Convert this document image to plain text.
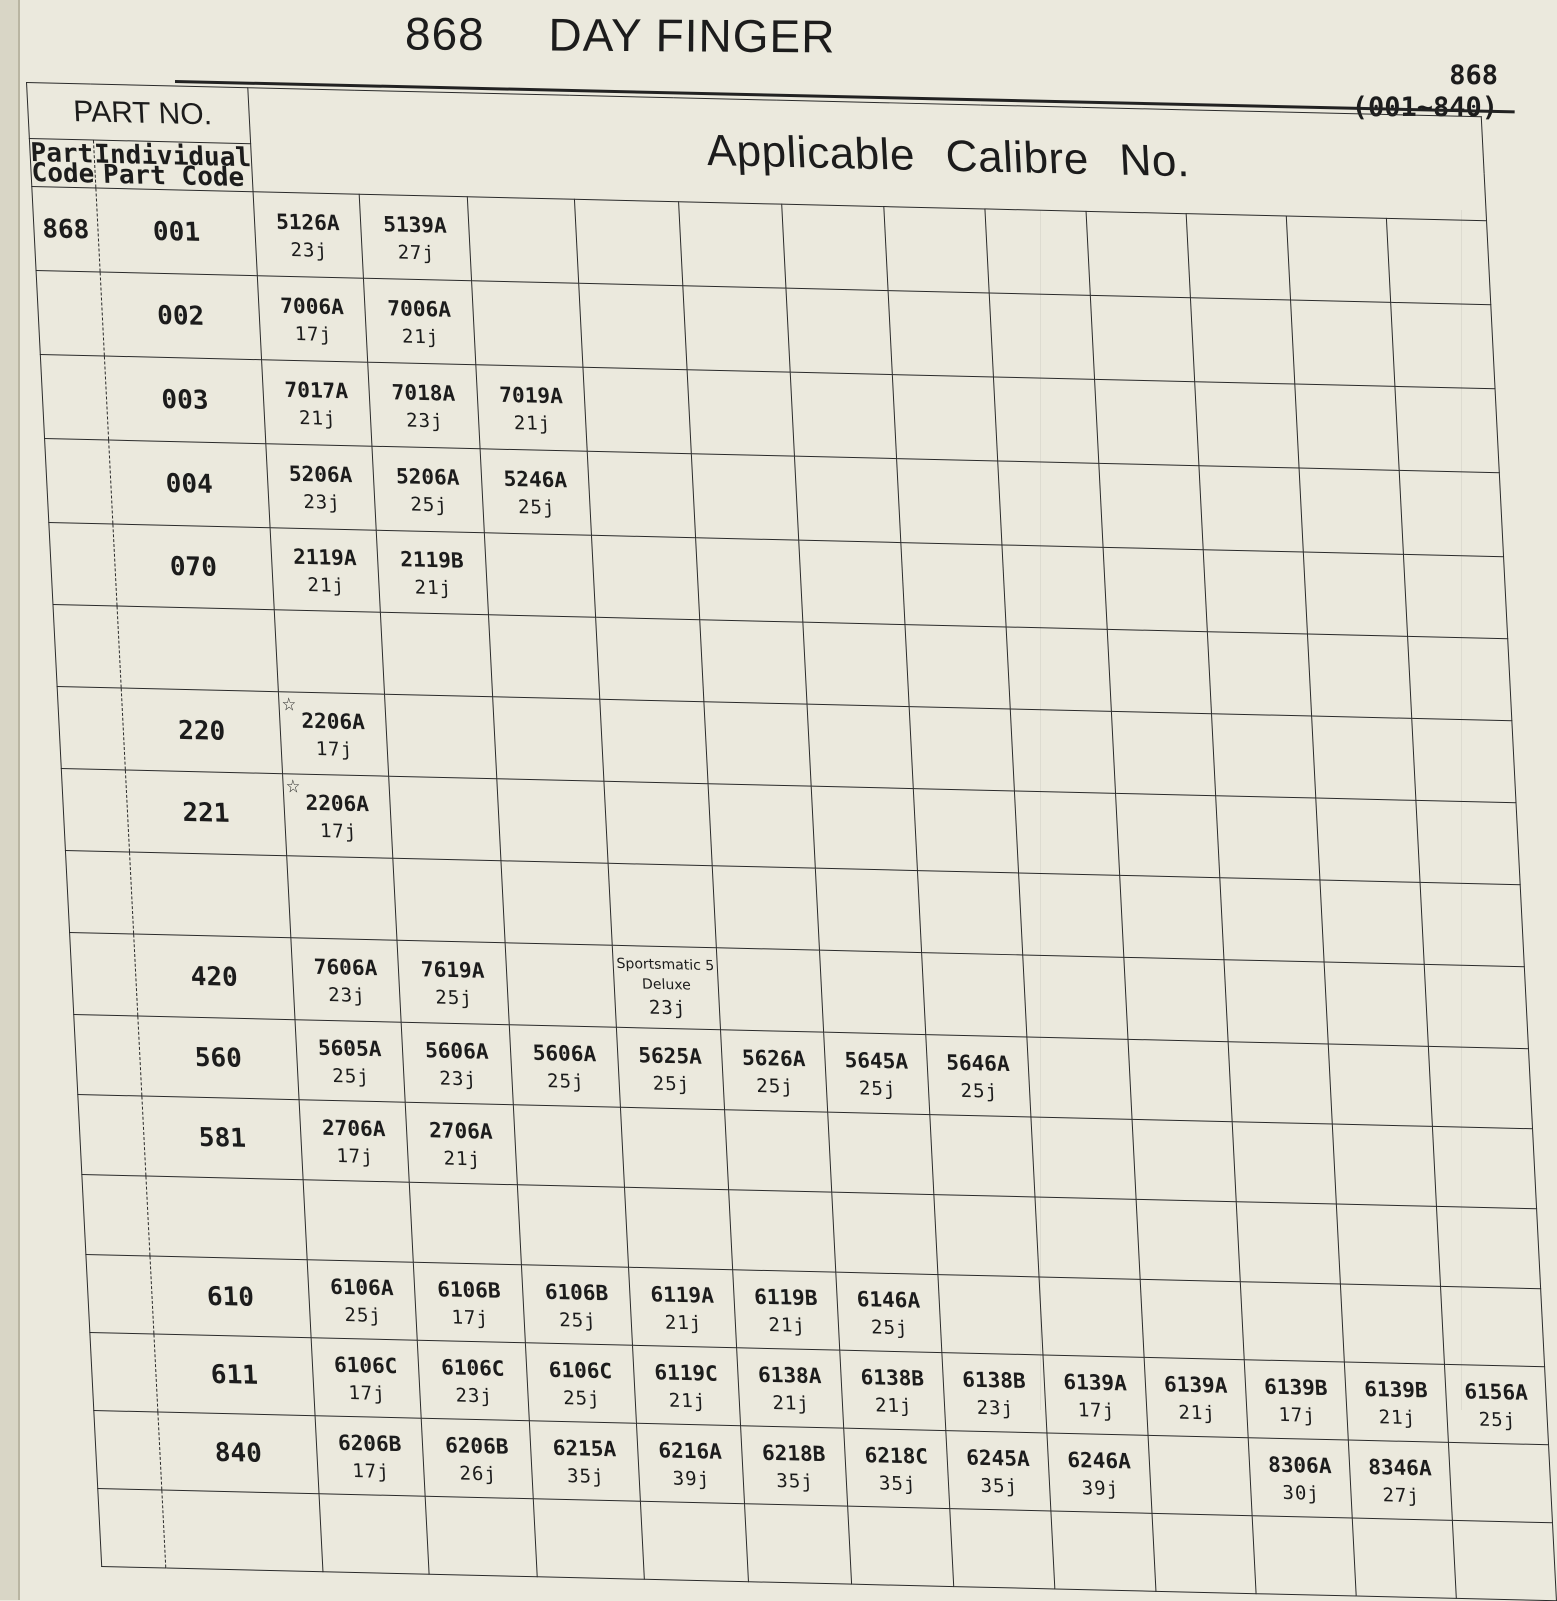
868 DAY FINGER
868
(001~840)
PART NO.		Applicable Calibre No.											
Part Code	Individual Part Code												
868	001	5126A
23j	5139A
27j										

	002	7006A
17j	7006A
21j										

	003	7017A
21j	7018A
23j	7019A
21j									

	004	5206A
23j	5206A
25j	5246A
25j									

	070	2119A
21j	2119B
21j										

	220	☆
2206A
17j											

	221	☆
2206A
17j											

	420	7606A
23j	7619A
25j		Sportsmatic 5 Deluxe
23j								

	560	5605A
25j	5606A
23j	5606A
25j	5625A
25j	5626A
25j	5645A
25j	5646A
25j					

	581	2706A
17j	2706A
21j										

	610	6106A
25j	6106B
17j	6106B
25j	6119A
21j	6119B
21j	6146A
25j						

	611	6106C
17j	6106C
23j	6106C
25j	6119C
21j	6138A
21j	6138B
21j	6138B
23j	6139A
17j	6139A
21j	6139B
17j	6139B
21j	6156A
25j

	840	6206B
17j	6206B
26j	6215A
35j	6216A
39j	6218B
35j	6218C
35j	6245A
35j	6246A
39j		8306A
30j	8346A
27j	
